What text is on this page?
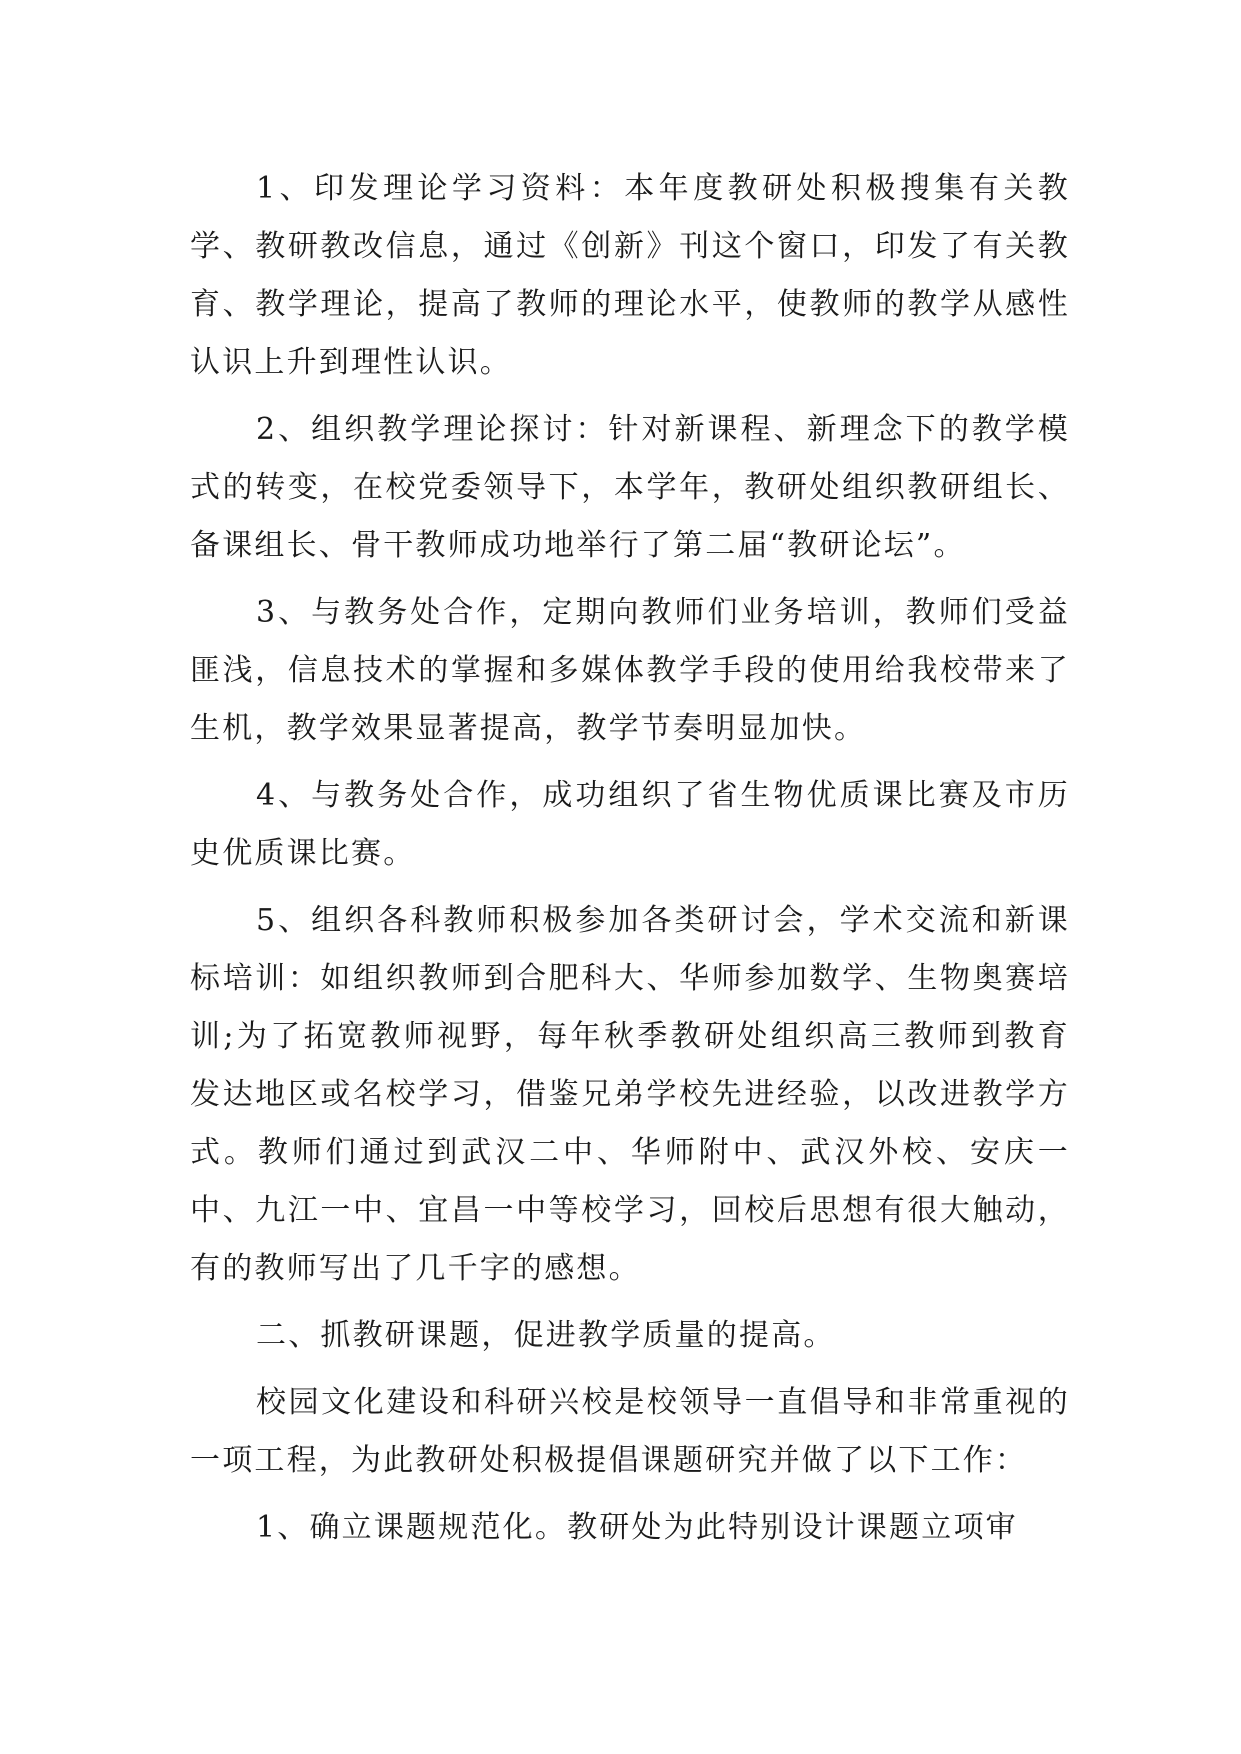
1、印发理论学习资料：本年度教研处积极搜集有关教学、教研教改信息，通过《创新》刊这个窗口，印发了有关教育、教学理论，提高了教师的理论水平，使教师的教学从感性认识上升到理性认识。

2、组织教学理论探讨：针对新课程、新理念下的教学模式的转变，在校党委领导下，本学年，教研处组织教研组长、备课组长、骨干教师成功地举行了第二届“教研论坛”。

3、与教务处合作，定期向教师们业务培训，教师们受益匪浅，信息技术的掌握和多媒体教学手段的使用给我校带来了生机，教学效果显著提高，教学节奏明显加快。

4、与教务处合作，成功组织了省生物优质课比赛及市历史优质课比赛。

5、组织各科教师积极参加各类研讨会，学术交流和新课标培训：如组织教师到合肥科大、华师参加数学、生物奥赛培训;为了拓宽教师视野，每年秋季教研处组织高三教师到教育发达地区或名校学习，借鉴兄弟学校先进经验，以改进教学方式。教师们通过到武汉二中、华师附中、武汉外校、安庆一中、九江一中、宜昌一中等校学习，回校后思想有很大触动，有的教师写出了几千字的感想。

二、抓教研课题，促进教学质量的提高。

校园文化建设和科研兴校是校领导一直倡导和非常重视的一项工程，为此教研处积极提倡课题研究并做了以下工作：

1、确立课题规范化。教研处为此特别设计课题立项审
